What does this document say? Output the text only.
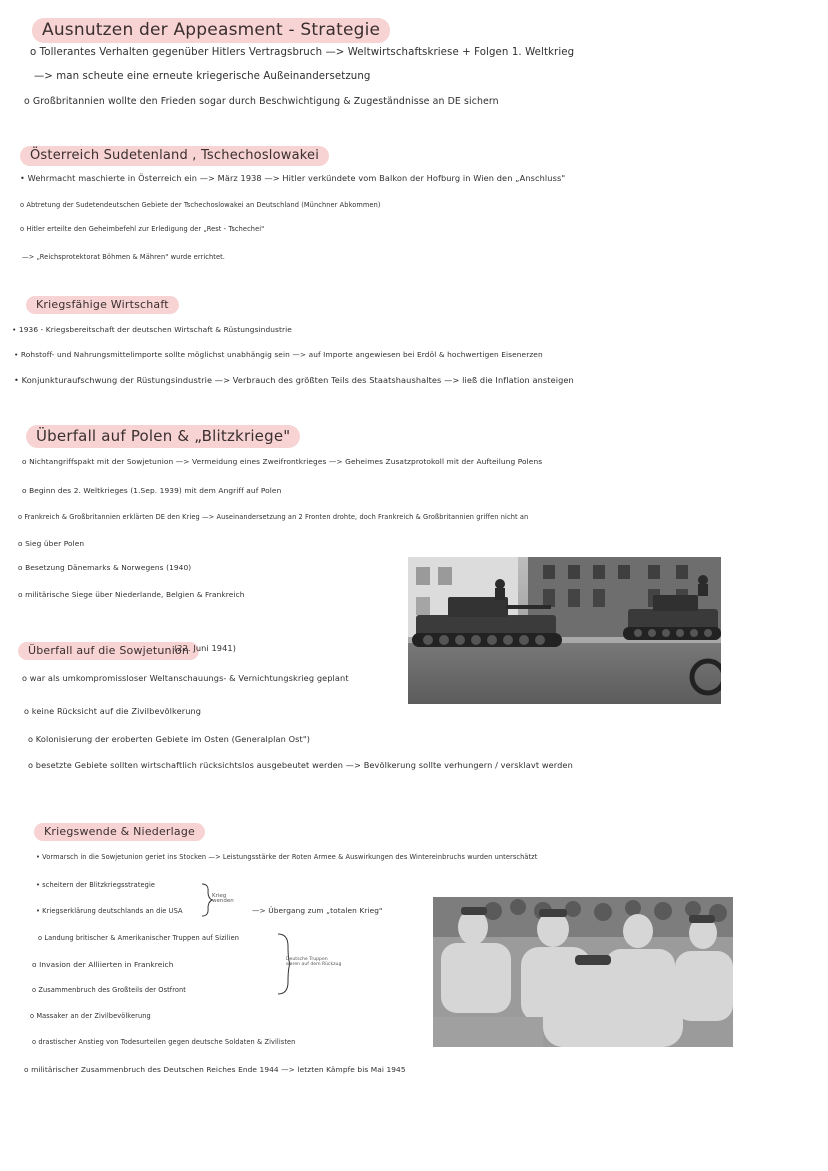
Ausnutzen der Appeasment - Strategie
o Tollerantes Verhalten gegenüber Hitlers Vertragsbruch —> Weltwirtschaftskriese + Folgen 1. Weltkrieg
—> man scheute eine erneute kriegerische Außeinandersetzung
o Großbritannien wollte den Frieden sogar durch Beschwichtigung & Zugeständnisse an DE sichern
Österreich Sudetenland , Tschechoslowakei
• Wehrmacht maschierte in Österreich ein —> März 1938 —> Hitler verkündete vom Balkon der Hofburg in Wien den „Anschluss"
o Abtretung der Sudetendeutschen Gebiete der Tschechoslowakei an Deutschland (Münchner Abkommen)
o Hitler erteilte den Geheimbefehl zur Erledigung der „Rest - Tschechei"
—> „Reichsprotektorat Böhmen & Mähren" wurde errichtet.
Kriegsfähige Wirtschaft
• 1936 - Kriegsbereitschaft der deutschen Wirtschaft & Rüstungsindustrie
• Rohstoff- und Nahrungsmittelimporte sollte möglichst unabhängig sein —> auf Importe angewiesen bei Erdöl & hochwertigen Eisenerzen
• Konjunkturaufschwung der Rüstungsindustrie —> Verbrauch des größten Teils des Staatshaushaltes —> ließ die Inflation ansteigen
Überfall auf Polen & „Blitzkriege"
o Nichtangriffspakt mit der Sowjetunion —> Vermeidung eines Zweifrontkrieges —> Geheimes Zusatzprotokoll mit der Aufteilung Polens
o Beginn des 2. Weltkrieges (1.Sep. 1939) mit dem Angriff auf Polen
o Frankreich & Großbritannien erklärten DE den Krieg —> Auseinandersetzung an 2 Fronten drohte, doch Frankreich & Großbritannien griffen nicht an
o Sieg über Polen
o Besetzung Dänemarks & Norwegens (1940)
o militärische Siege über Niederlande, Belgien & Frankreich
Überfall auf die Sowjetunion
(22. Juni 1941)
o war als umkompromissloser Weltanschauungs- & Vernichtungskrieg geplant
o keine Rücksicht auf die Zivilbevölkerung
o Kolonisierung der eroberten Gebiete im Osten (Generalplan Ost")
o besetzte Gebiete sollten wirtschaftlich rücksichtslos ausgebeutet werden —> Bevölkerung sollte verhungern / versklavt werden
Kriegswende & Niederlage
• Vormarsch in die Sowjetunion geriet ins Stocken —> Leistungsstärke der Roten Armee & Auswirkungen des Wintereinbruchs wurden unterschätzt
• scheitern der Blitzkriegsstrategie
• Kriegserklärung deutschlands an die USA
Krieg wenden
—> Übergang zum „totalen Krieg"
o Landung britischer & Amerikanischer Truppen auf Sizilien
o Invasion der Alliierten in Frankreich
o Zusammenbruch des Großteils der Ostfront
Deutsche Truppen waren auf dem Rückzug
o Massaker an der Zivilbevölkerung
o drastischer Anstieg von Todesurteilen gegen deutsche Soldaten & Zivilisten
o militärischer Zusammenbruch des Deutschen Reiches Ende 1944 —> letzten Kämpfe bis Mai 1945
